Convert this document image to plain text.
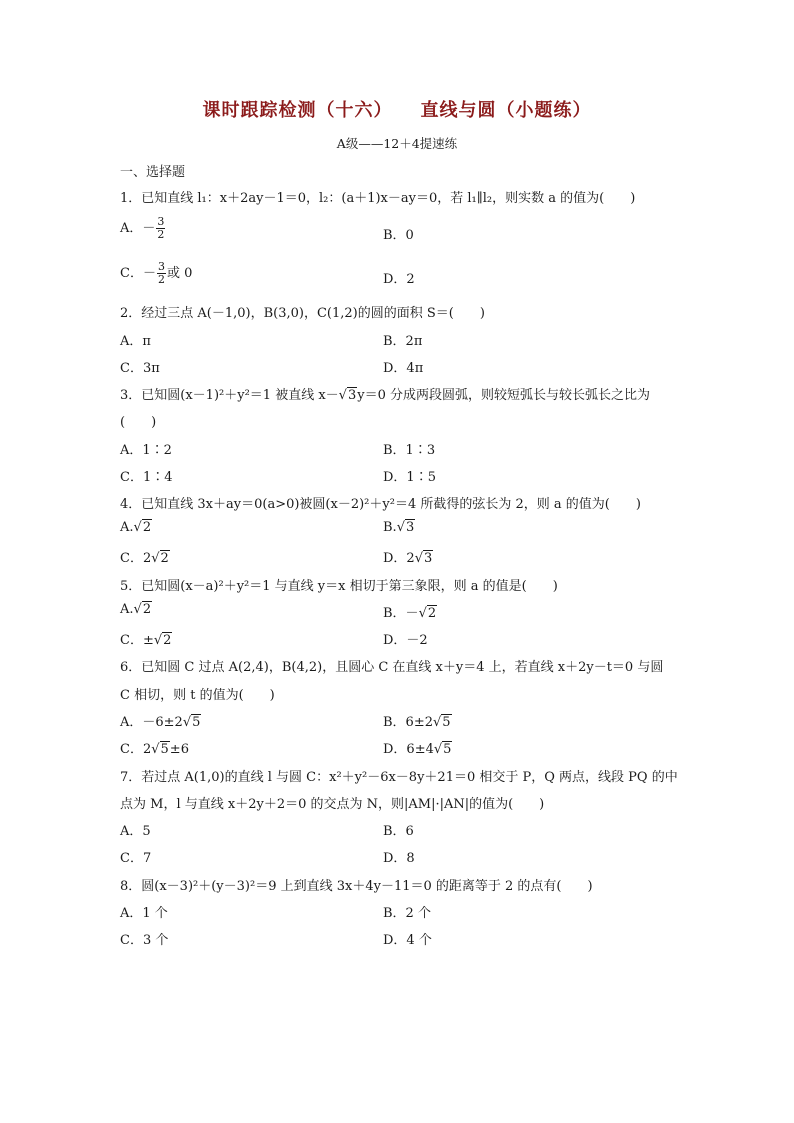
课时跟踪检测（十六） 直线与圆（小题练）
A级——12＋4提速练
一、选择题
1．已知直线 l₁：x＋2ay－1＝0，l₂：(a＋1)x－ay＝0，若 l₁∥l₂，则实数 a 的值为(　　)
A．－ $\frac{3}{2}$	B．0
C．－ $\frac{3}{2}$ 或 0	D．2
2．经过三点 A(－1,0)，B(3,0)，C(1,2)的圆的面积 S＝(　　)
A．π	B．2π
C．3π	D．4π
3．已知圆(x－1)²＋y²＝1 被直线 x－√3y＝0 分成两段圆弧，则较短弧长与较长弧长之比为
(　　)
A．1∶2	B．1∶3
C．1∶4	D．1∶5
4．已知直线 3x＋ay＝0(a>0)被圆(x－2)²＋y²＝4 所截得的弦长为 2，则 a 的值为(　　)
A.√2	B.√3
C．2√2	D．2√3
5．已知圆(x－a)²＋y²＝1 与直线 y＝x 相切于第三象限，则 a 的值是(　　)
A.√2	B．－√2
C．±√2	D．－2
6．已知圆 C 过点 A(2,4)，B(4,2)，且圆心 C 在直线 x＋y＝4 上，若直线 x＋2y－t＝0 与圆
C 相切，则 t 的值为(　　)
A．－6±2√5	B．6±2√5
C．2√5±6	D．6±4√5
7．若过点 A(1,0)的直线 l 与圆 C：x²＋y²－6x－8y＋21＝0 相交于 P，Q 两点，线段 PQ 的中
点为 M，l 与直线 x＋2y＋2＝0 的交点为 N，则|AM|·|AN|的值为(　　)
A．5	B．6
C．7	D．8
8．圆(x－3)²＋(y－3)²＝9 上到直线 3x＋4y－11＝0 的距离等于 2 的点有(　　)
A．1 个	B．2 个
C．3 个	D．4 个
